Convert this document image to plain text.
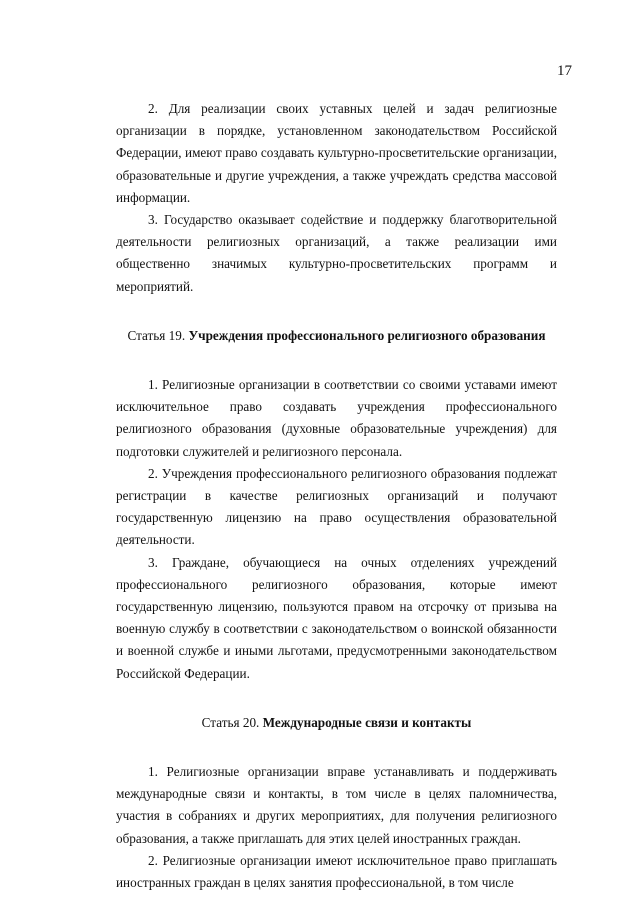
17

2. Для реализации своих уставных целей и задач религиозные организации в порядке, установленном законодательством Российской Федерации, имеют право создавать культурно-просветительские организации, образовательные и другие учреждения, а также учреждать средства массовой информации.

3. Государство оказывает содействие и поддержку благотворительной деятельности религиозных организаций, а также реализации ими общественно значимых культурно-просветительских программ и мероприятий.

Статья 19. Учреждения профессионального религиозного образования

1. Религиозные организации в соответствии со своими уставами имеют исключительное право создавать учреждения профессионального религиозного образования (духовные образовательные учреждения) для подготовки служителей и религиозного персонала.

2. Учреждения профессионального религиозного образования подлежат регистрации в качестве религиозных организаций и получают государственную лицензию на право осуществления образовательной деятельности.

3. Граждане, обучающиеся на очных отделениях учреждений профессионального религиозного образования, которые имеют государственную лицензию, пользуются правом на отсрочку от призыва на военную службу в соответствии с законодательством о воинской обязанности и военной службе и иными льготами, предусмотренными законодательством Российской Федерации.

Статья 20. Международные связи и контакты

1. Религиозные организации вправе устанавливать и поддерживать международные связи и контакты, в том числе в целях паломничества, участия в собраниях и других мероприятиях, для получения религиозного образования, а также приглашать для этих целей иностранных граждан.

2. Религиозные организации имеют исключительное право приглашать иностранных граждан в целях занятия профессиональной, в том числе
